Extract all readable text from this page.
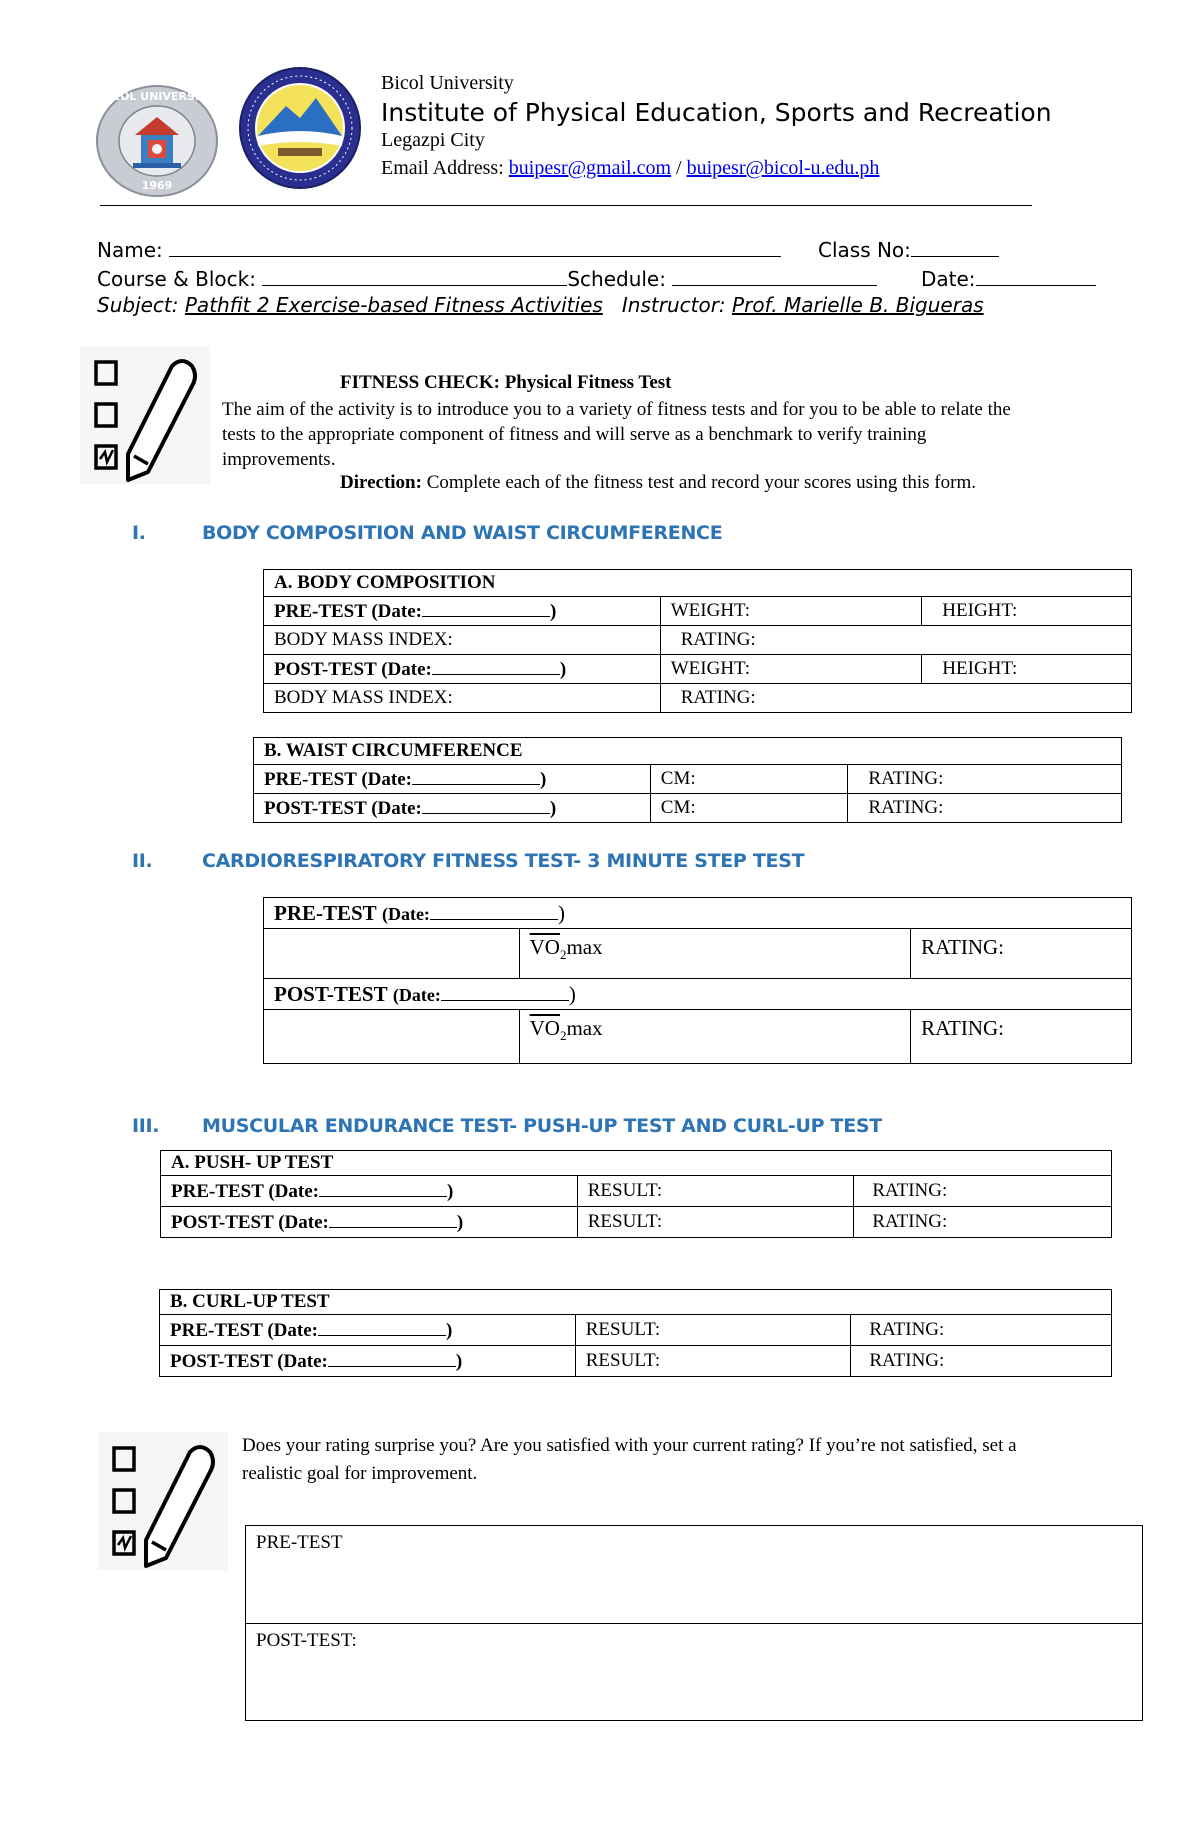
BICOL UNIVERSITY
1969
Bicol University
Institute of Physical Education, Sports and Recreation
Legazpi City
Email Address: buipesr@gmail.com / buipesr@bicol-u.edu.ph
Name:	Class No:
Course & Block:	Schedule:	Date:
Subject: Pathfit 2 Exercise-based Fitness Activities Instructor: Prof. Marielle B. Bigueras
FITNESS CHECK: Physical Fitness Test
The aim of the activity is to introduce you to a variety of fitness tests and for you to be able to relate the
tests to the appropriate component of fitness and will serve as a benchmark to verify training
improvements.
Direction: Complete each of the fitness test and record your scores using this form.
I.	BODY COMPOSITION AND WAIST CIRCUMFERENCE
A. BODY COMPOSITION		
PRE-TEST (Date: )	WEIGHT:	HEIGHT:
BODY MASS INDEX:	RATING:	
POST-TEST (Date: )	WEIGHT:	HEIGHT:
BODY MASS INDEX:	RATING:	
B. WAIST CIRCUMFERENCE		
PRE-TEST (Date: )	CM:	RATING:
POST-TEST (Date: )	CM:	RATING:
II.	CARDIORESPIRATORY FITNESS TEST- 3 MINUTE STEP TEST
PRE-TEST (Date: )		
	$\overline{VO}_2\max$	RATING:
POST-TEST (Date: )		
	$\overline{VO}_2\max$	RATING:
III. MUSCULAR ENDURANCE TEST- PUSH-UP TEST AND CURL-UP TEST
A. PUSH- UP TEST		
PRE-TEST (Date: )	RESULT:	RATING:
POST-TEST (Date: )	RESULT:	RATING:
B. CURL-UP TEST		
PRE-TEST (Date: )	RESULT:	RATING:
POST-TEST (Date: )	RESULT:	RATING:
Does your rating surprise you? Are you satisfied with your current rating? If you’re not satisfied, set a
realistic goal for improvement.
PRE-TEST
POST-TEST:
